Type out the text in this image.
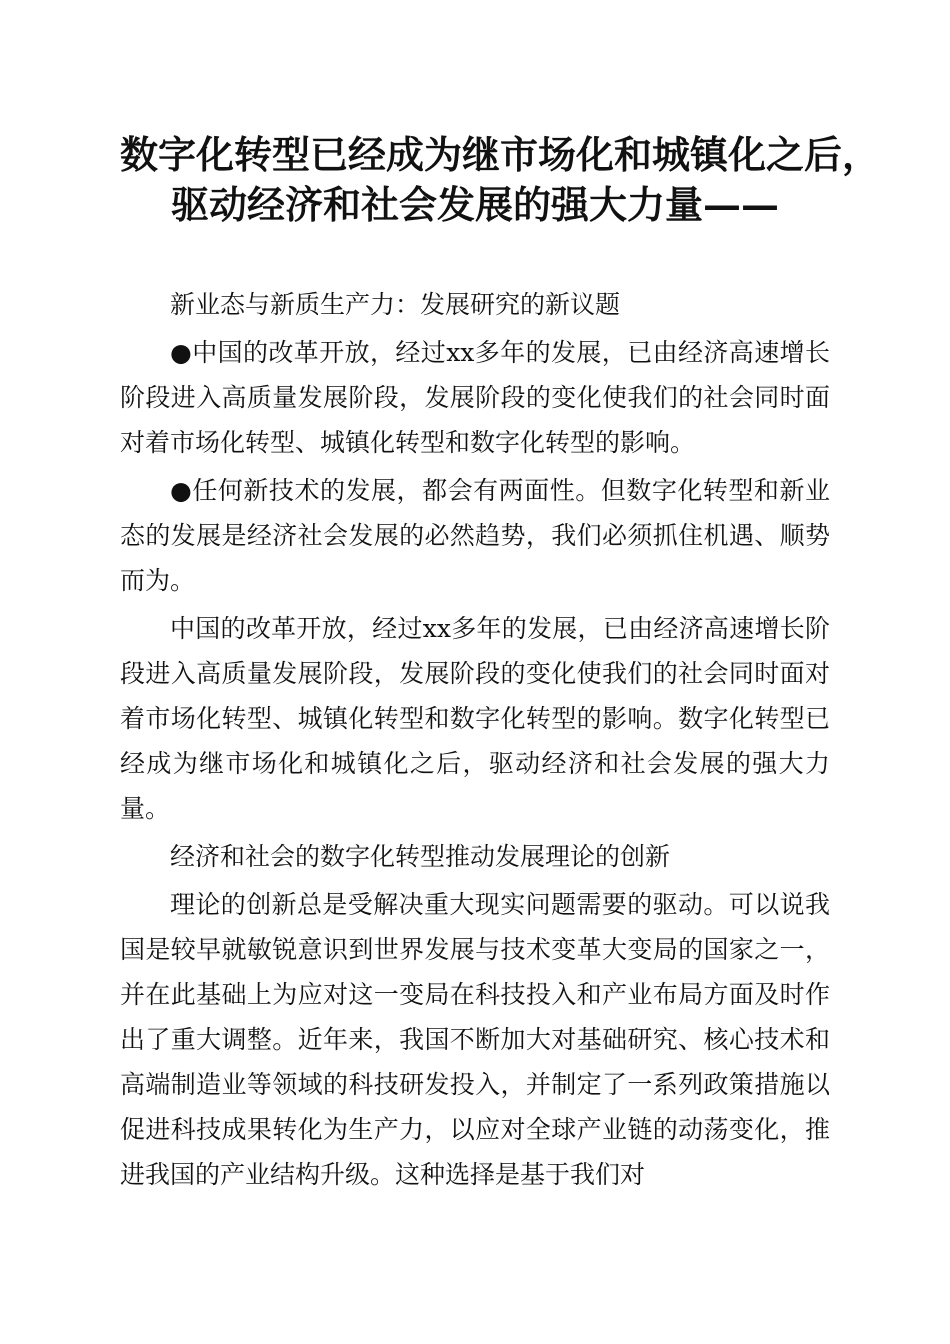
数字化转型已经成为继市场化和城镇化之后，
驱动经济和社会发展的强大力量——

新业态与新质生产力：发展研究的新议题

●中国的改革开放，经过xx多年的发展，已由经济高速增长阶段进入高质量发展阶段，发展阶段的变化使我们的社会同时面对着市场化转型、城镇化转型和数字化转型的影响。

●任何新技术的发展，都会有两面性。但数字化转型和新业态的发展是经济社会发展的必然趋势，我们必须抓住机遇、顺势而为。

中国的改革开放，经过xx多年的发展，已由经济高速增长阶段进入高质量发展阶段，发展阶段的变化使我们的社会同时面对着市场化转型、城镇化转型和数字化转型的影响。数字化转型已经成为继市场化和城镇化之后，驱动经济和社会发展的强大力量。

经济和社会的数字化转型推动发展理论的创新

理论的创新总是受解决重大现实问题需要的驱动。可以说我国是较早就敏锐意识到世界发展与技术变革大变局的国家之一，并在此基础上为应对这一变局在科技投入和产业布局方面及时作出了重大调整。近年来，我国不断加大对基础研究、核心技术和高端制造业等领域的科技研发投入，并制定了一系列政策措施以促进科技成果转化为生产力，以应对全球产业链的动荡变化，推进我国的产业结构升级。这种选择是基于我们对
